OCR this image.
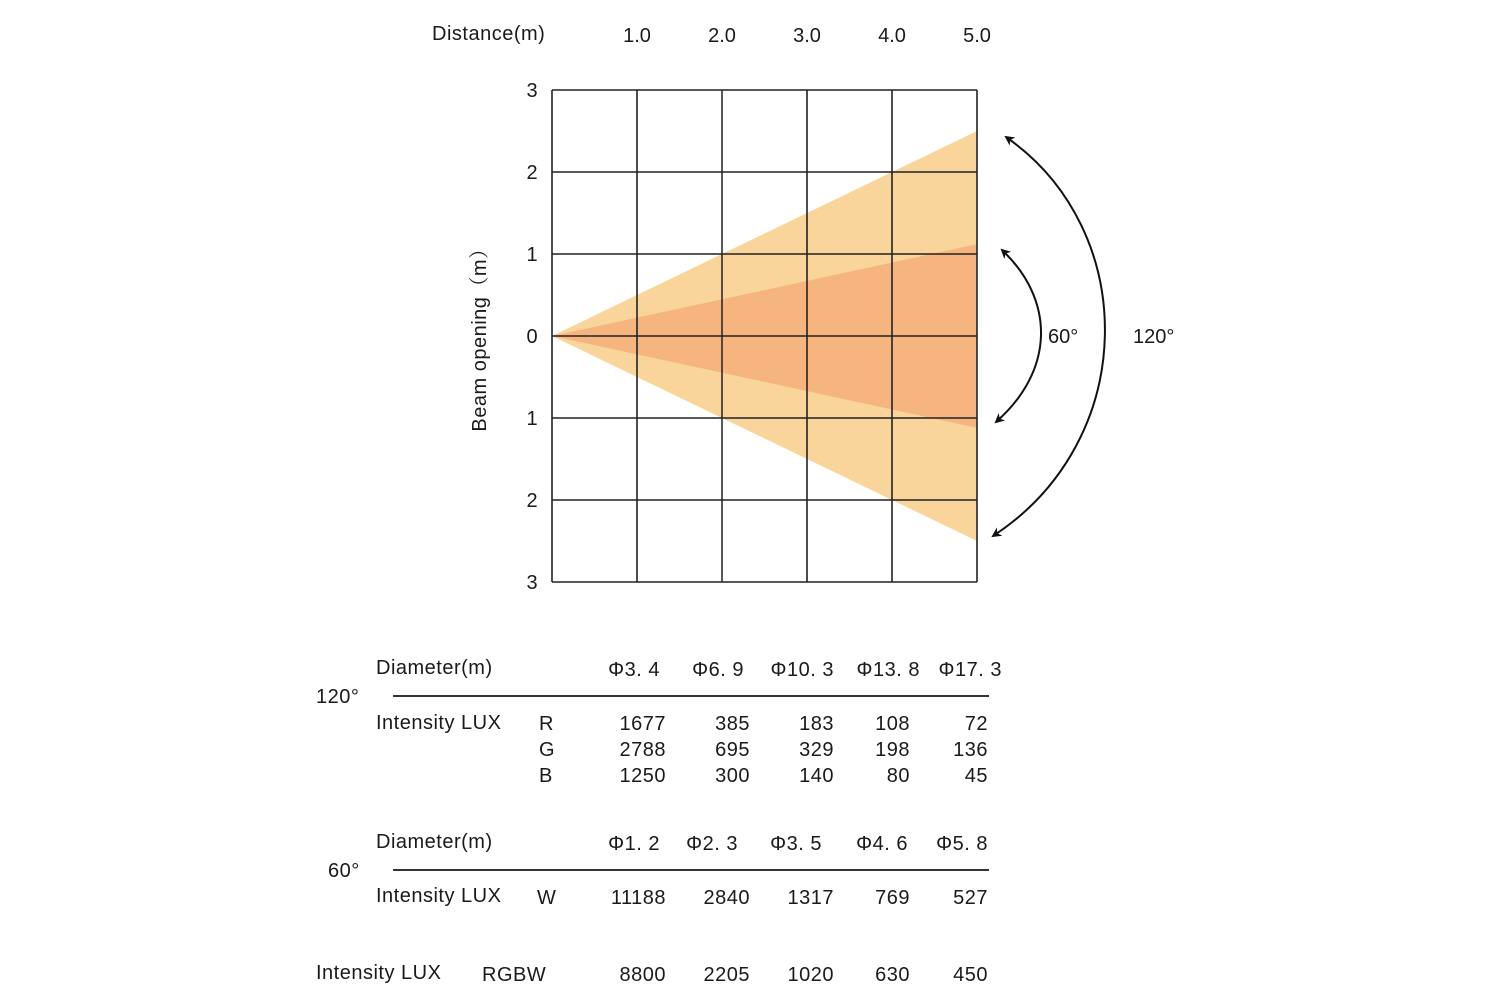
Distance(m)	1.0	2.0	3.0	4.0	5.0
3
2
1
0
1
2
3
Beam opening（m）	60°	120°
120°
Diameter(m)	Φ3. 4 Φ6. 9 Φ10. 3 Φ13. 8 Φ17. 3
Intensity LUX R	1677 385 183 108	72
G	2788 695 329 198 136
B	1250 300 140	80	45
60°
Diameter(m)	Φ1. 2 Φ2. 3 Φ3. 5 Φ4. 6 Φ5. 8
Intensity LUX W	11188 2840 1317 769 527
Intensity LUX RGBW	8800 2205 1020 630 450
